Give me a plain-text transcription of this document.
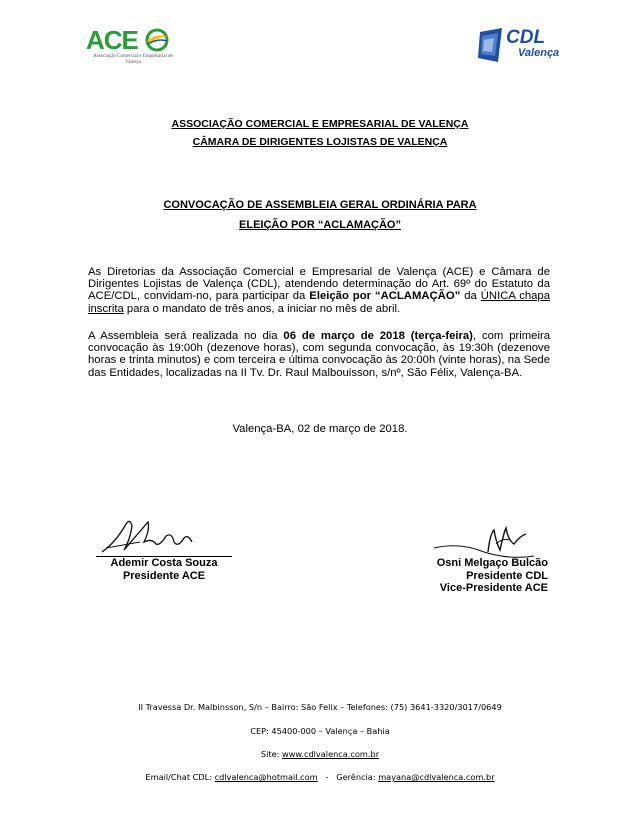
ACE
Associação Comercial e Empresarial de Valença
CDL
Valença
ASSOCIAÇÃO COMERCIAL E EMPRESARIAL DE VALENÇA
CÂMARA DE DIRIGENTES LOJISTAS DE VALENÇA
CONVOCAÇÃO DE ASSEMBLEIA GERAL ORDINÁRIA PARA
ELEIÇÃO POR “ACLAMAÇÃO”
As Diretorias da Associação Comercial e Empresarial de Valença (ACE) e Câmara de Dirigentes Lojistas de Valença (CDL), atendendo determinação do Art. 69º do Estatuto da ACE/CDL, convidam-no, para participar da Eleição por “ACLAMAÇÃO” da ÚNICA chapa inscrita para o mandato de três anos, a iniciar no mês de abril.
A Assembleia será realizada no dia 06 de março de 2018 (terça-feira), com primeira convocação às 19:00h (dezenove horas), com segunda convocação, às 19:30h (dezenove horas e trinta minutos) e com terceira e última convocação às 20:00h (vinte horas), na Sede das Entidades, localizadas na II Tv. Dr. Raul Malbouisson, s/nº, São Félix, Valença-BA.
Valença-BA, 02 de março de 2018.
Ademir Costa Souza
Presidente ACE
Osni Melgaço Bulcão
Presidente CDL
Vice-Presidente ACE
II Travessa Dr. Malbinsson, S/n – Bairro: São Felix – Telefones: (75) 3641-3320/3017/0649
CEP: 45400-000 – Valença – Bahia
Site: www.cdlvalenca.com.br
Email/Chat CDL: cdlvalenca@hotmail.com   -   Gerência: mayana@cdlvalenca.com.br
